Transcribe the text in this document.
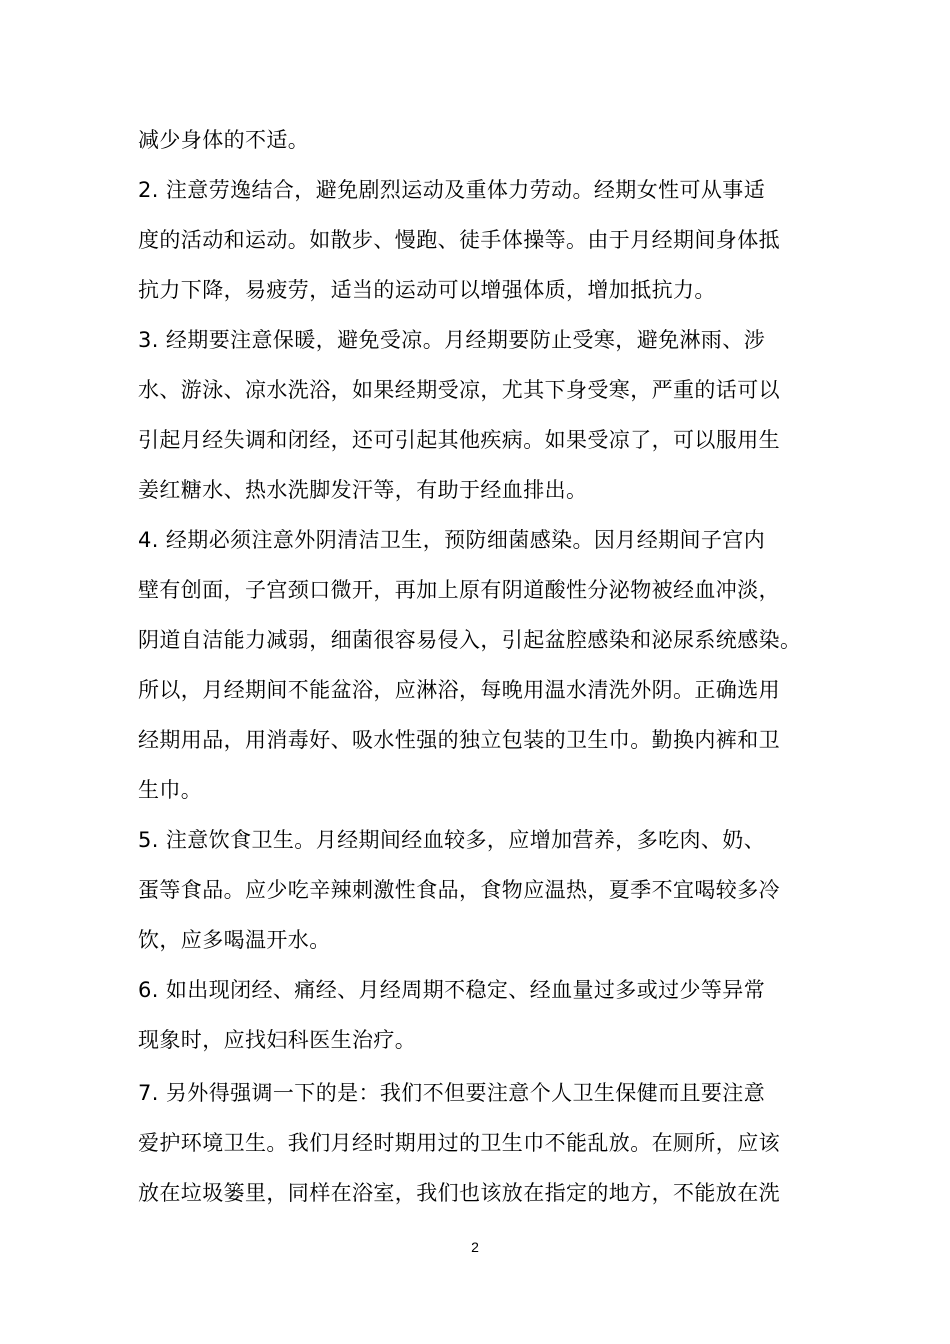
减少身体的不适。
2. 注意劳逸结合，避免剧烈运动及重体力劳动。经期女性可从事适
度的活动和运动。如散步、慢跑、徒手体操等。由于月经期间身体抵
抗力下降，易疲劳，适当的运动可以增强体质，增加抵抗力。
3. 经期要注意保暖，避免受凉。月经期要防止受寒，避免淋雨、涉
水、游泳、凉水洗浴，如果经期受凉，尤其下身受寒，严重的话可以
引起月经失调和闭经，还可引起其他疾病。如果受凉了，可以服用生
姜红糖水、热水洗脚发汗等，有助于经血排出。
4. 经期必须注意外阴清洁卫生，预防细菌感染。因月经期间子宫内
壁有创面，子宫颈口微开，再加上原有阴道酸性分泌物被经血冲淡，
阴道自洁能力减弱，细菌很容易侵入，引起盆腔感染和泌尿系统感染。
所以，月经期间不能盆浴，应淋浴，每晚用温水清洗外阴。正确选用
经期用品，用消毒好、吸水性强的独立包装的卫生巾。勤换内裤和卫
生巾。
5. 注意饮食卫生。月经期间经血较多，应增加营养，多吃肉、奶、
蛋等食品。应少吃辛辣刺激性食品，食物应温热，夏季不宜喝较多冷
饮，应多喝温开水。
6. 如出现闭经、痛经、月经周期不稳定、经血量过多或过少等异常
现象时，应找妇科医生治疗。
7. 另外得强调一下的是：我们不但要注意个人卫生保健而且要注意
爱护环境卫生。我们月经时期用过的卫生巾不能乱放。在厕所，应该
放在垃圾篓里，同样在浴室，我们也该放在指定的地方，不能放在洗
2
